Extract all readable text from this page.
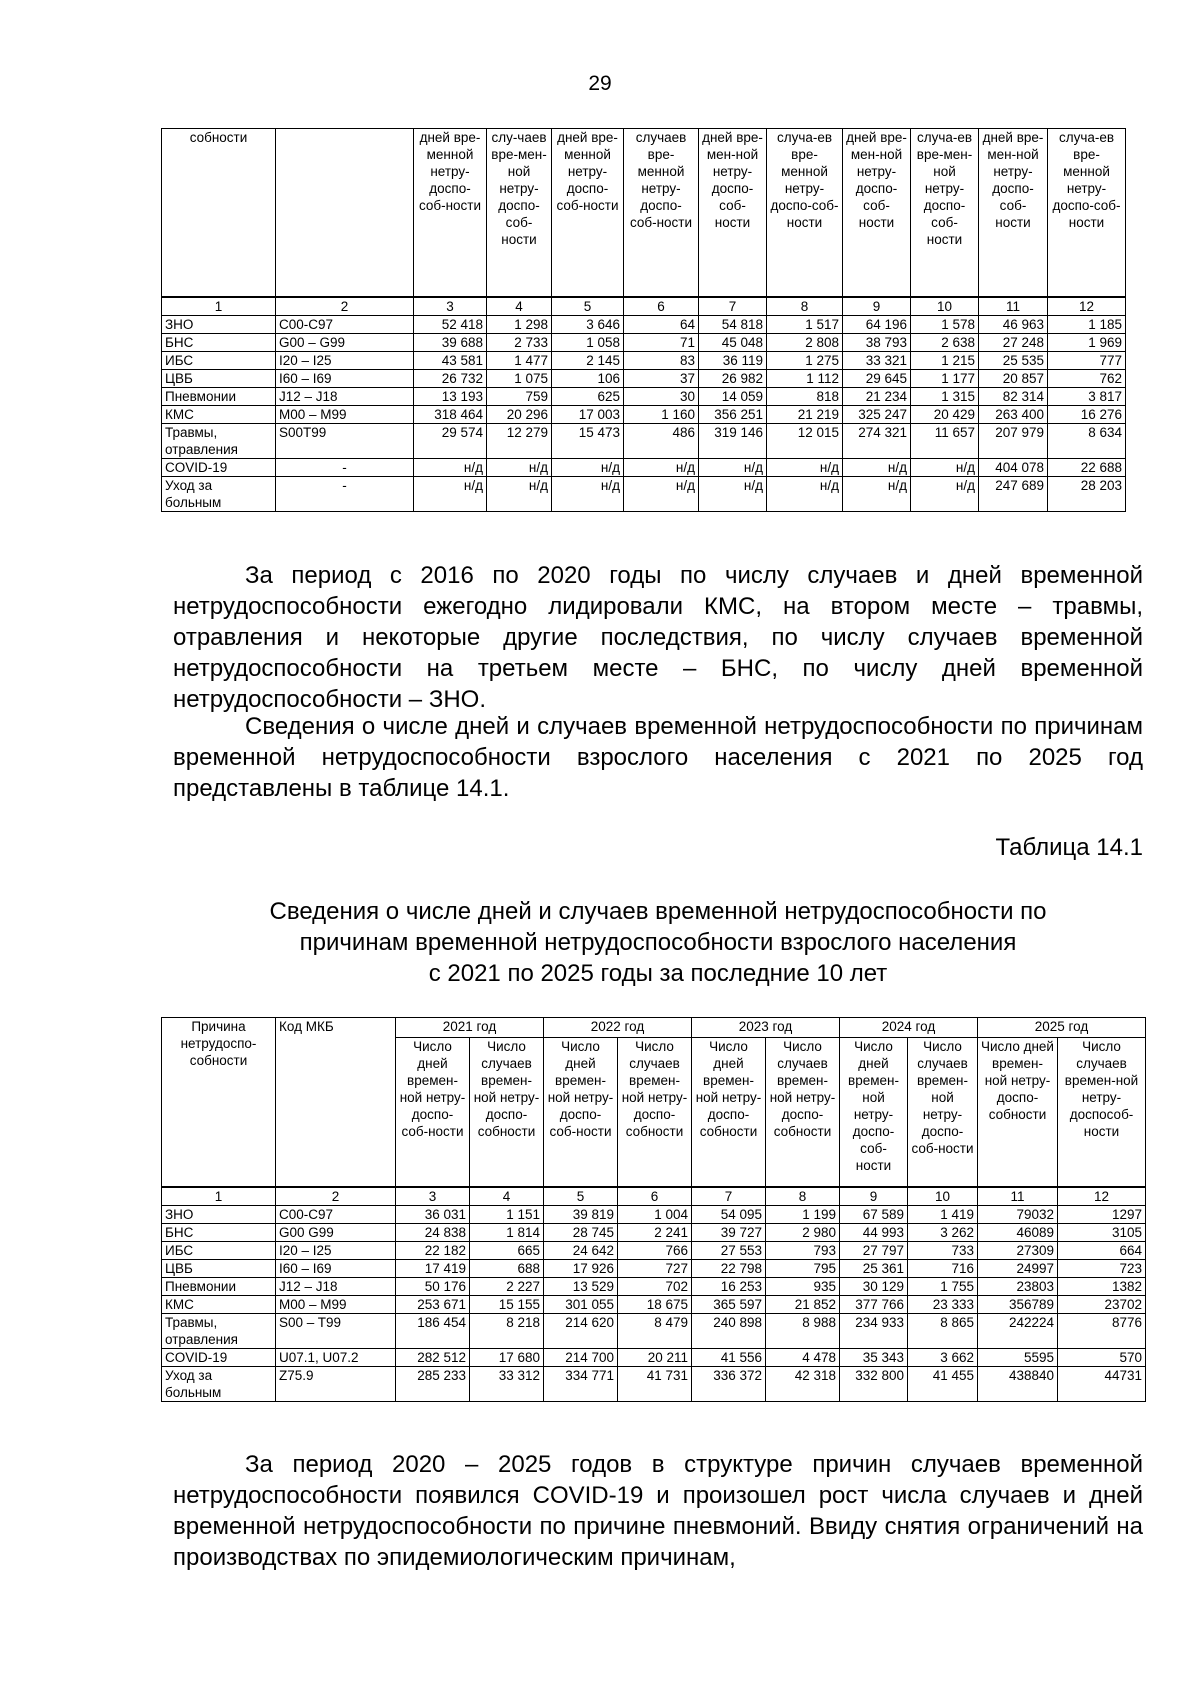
29
собности		дней вре-менной нетру-доспо-соб-ности	слу-чаев вре-мен-ной нетру-доспо-соб-ности	дней вре-менной нетру-доспо-соб-ности	случаев вре-менной нетру-доспо-соб-ности	дней вре-мен-ной нетру-доспо-соб-ности	случа-ев вре-менной нетру-доспо-соб-ности	дней вре-мен-ной нетру-доспо-соб-ности	случа-ев вре-мен-ной нетру-доспо-соб-ности	дней вре-мен-ной нетру-доспо-соб-ности	случа-ев вре-менной нетру-доспо-соб-ности
1	2	3	4	5	6	7	8	9	10	11	12
ЗНО	C00-C97	52 418	1 298	3 646	64	54 818	1 517	64 196	1 578	46 963	1 185
БНС	G00 – G99	39 688	2 733	1 058	71	45 048	2 808	38 793	2 638	27 248	1 969
ИБС	I20 – I25	43 581	1 477	2 145	83	36 119	1 275	33 321	1 215	25 535	777
ЦВБ	I60 – I69	26 732	1 075	106	37	26 982	1 112	29 645	1 177	20 857	762
Пневмонии	J12 – J18	13 193	759	625	30	14 059	818	21 234	1 315	82 314	3 817
КМС	M00 – M99	318 464	20 296	17 003	1 160	356 251	21 219	325 247	20 429	263 400	16 276
Травмы, отравления	S00T99	29 574	12 279	15 473	486	319 146	12 015	274 321	11 657	207 979	8 634
COVID-19	-	н/д	н/д	н/д	н/д	н/д	н/д	н/д	н/д	404 078	22 688
Уход за больным	-	н/д	н/д	н/д	н/д	н/д	н/д	н/д	н/д	247 689	28 203
За период с 2016 по 2020 годы по числу случаев и дней временной нетрудоспособности ежегодно лидировали КМС, на втором месте – травмы, отравления и некоторые другие последствия, по числу случаев временной нетрудоспособности на третьем месте – БНС, по числу дней временной нетрудоспособности – ЗНО.
Сведения о числе дней и случаев временной нетрудоспособности по причинам временной нетрудоспособности взрослого населения с 2021 по 2025 год представлены в таблице 14.1.
Таблица 14.1
Сведения о числе дней и случаев временной нетрудоспособности по
причинам временной нетрудоспособности взрослого населения
с 2021 по 2025 годы за последние 10 лет
Причина нетрудоспо-собности	Код МКБ	2021 год		2022 год		2023 год		2024 год		2025 год	
		Число дней времен-ной нетру-доспо-соб-ности	Число случаев времен-ной нетру-доспо-собности	Число дней времен-ной нетру-доспо-соб-ности	Число случаев времен-ной нетру-доспо-собности	Число дней времен-ной нетру-доспо-собности	Число случаев времен-ной нетру-доспо-собности	Число дней времен-ной нетру-доспо-соб-ности	Число случаев времен-ной нетру-доспо-соб-ности	Число дней времен-ной нетру-доспо-собности	Число случаев времен-ной нетру-доспособ-ности
1	2	3	4	5	6	7	8	9	10	11	12
ЗНО	C00-C97	36 031	1 151	39 819	1 004	54 095	1 199	67 589	1 419	79032	1297
БНС	G00 G99	24 838	1 814	28 745	2 241	39 727	2 980	44 993	3 262	46089	3105
ИБС	I20 – I25	22 182	665	24 642	766	27 553	793	27 797	733	27309	664
ЦВБ	I60 – I69	17 419	688	17 926	727	22 798	795	25 361	716	24997	723
Пневмонии	J12 – J18	50 176	2 227	13 529	702	16 253	935	30 129	1 755	23803	1382
КМС	M00 – M99	253 671	15 155	301 055	18 675	365 597	21 852	377 766	23 333	356789	23702
Травмы, отравления	S00 – T99	186 454	8 218	214 620	8 479	240 898	8 988	234 933	8 865	242224	8776
COVID-19	U07.1, U07.2	282 512	17 680	214 700	20 211	41 556	4 478	35 343	3 662	5595	570
Уход за больным	Z75.9	285 233	33 312	334 771	41 731	336 372	42 318	332 800	41 455	438840	44731
За период 2020 – 2025 годов в структуре причин случаев временной нетрудоспособности появился COVID-19 и произошел рост числа случаев и дней временной нетрудоспособности по причине пневмоний. Ввиду снятия ограничений на производствах по эпидемиологическим причинам,
